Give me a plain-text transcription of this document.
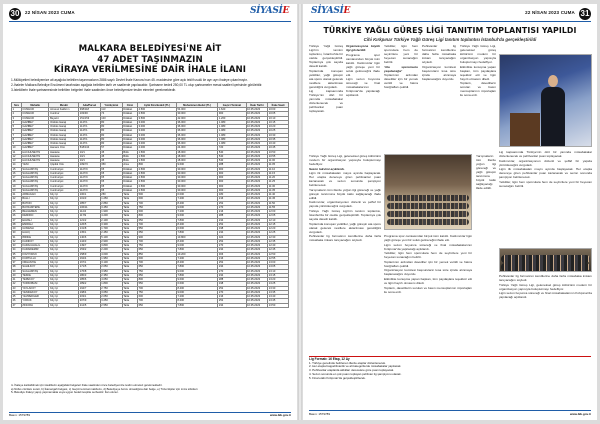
30	22 NİSAN 2023 CUMA	SİYASİE
MALKARA BELEDİYESİ'NE AİT
47 ADET TAŞINMAZIN
KİRAYA VERİLMESİNE DAİR İHALE İLANI

1-Mülkiyetleri belediyemize ait aşağıda belirtilen taşınmazların 2886 sayılı Devlet İhale Kanunu'nun 45. maddesine göre açık teklif usulü ile ayrı ayrı ihaleye çıkarılmıştır.

2-İhaleler Malkara Belediye Encümeni tarafından aşağıda belirtilen tarih ve saatlerde yapılacaktır. Şartname bedeli 250,00 TL olup şartnameler mesai saatleri içerisinde görülebilir.

3-İsteklilerin ihale şartnamesinde belirtilen belgeleri ihale saatinden önce belediyemize teslim etmeleri gerekmektedir.

Sıra	Mahalle	Mevkii	Ada/Parsel	Yüzölçümü	Cinsi	Aylık Kira Bedeli (TL)	Muhammen Bedel (TL)	Geçici Teminat	İhale Tarihi	İhale Saati
1	CUMHUR	Arnavut Kaldırım	368/118	113	Dükkan	4.500	54.000	1.620	10.05.2023	10:00
2	CUMHUR	Cumhur	103/93	74	Dükkan	2.500	30.000	900	10.05.2023	10:05
3	CUMHUR	Beyazıt	151/153	103	Dükkan	3.500	42.000	1.260	10.05.2023	10:10
4	GAZİBEY	Otobüs Garajı	1147/1	80	Dükkan	3.000	36.000	1.080	10.05.2023	10:15
5	GAZİBEY	Otobüs Garajı	1147/1	80	Dükkan	3.000	36.000	1.080	10.05.2023	10:20
6	GAZİBEY	Otobüs Garajı	1147/1	80	Dükkan	3.000	36.000	1.080	10.05.2023	10:25
7	GAZİBEY	Otobüs Garajı	1147/1	80	Dükkan	3.000	36.000	1.080	10.05.2023	10:30
8	GAZİBEY	Otobüs Garajı	1147/1	80	Dükkan	3.000	36.000	1.080	10.05.2023	10:35
9	GAZİBEY	Otobüs Garajı	1147/1	80	Dükkan	3.000	36.000	1.080	10.05.2023	10:40
10	GAZİBEY	Hamam Önü	518/134	57	Dükkan	2.000	24.000	720	10.05.2023	10:45
11	HACIHUSEYİN	Hastane	10/1	45	Büfe	1.500	18.000	540	10.05.2023	10:50
12	HACIHUSEYİN	Hastane	10/1	45	Büfe	1.500	18.000	540	10.05.2023	10:55
13	HACIHUSEYİN	Hastane	10/1	45	Büfe	1.500	18.000	540	10.05.2023	11:00
14	YENİ	Çöplük Yolu	1097/3	350	Arsa	800	9.600	288	10.05.2023	11:05
15	SAĞLAMTAŞ	Cumhuriyet	1127/9	65	Dükkan	2.500	30.000	900	10.05.2023	11:10
16	SAĞLAMTAŞ	Cumhuriyet	1127/9	65	Dükkan	2.500	30.000	900	10.05.2023	11:15
17	SAĞLAMTAŞ	Cumhuriyet	1127/9	65	Dükkan	2.500	30.000	900	10.05.2023	11:20
18	SAĞLAMTAŞ	Cumhuriyet	1127/9	65	Dükkan	2.500	30.000	900	10.05.2023	11:25
19	SAĞLAMTAŞ	Cumhuriyet	1127/9	65	Dükkan	2.500	30.000	900	10.05.2023	11:30
20	SAĞLAMTAŞ	Cumhuriyet	1127/9	65	Dükkan	2.500	30.000	900	10.05.2023	11:35
21	ARMAĞAN	Köy İçi	100/1	250	Tarla	500	6.000	180	10.05.2023	11:40
22	BALLI	Köy İçi	101/3	1.250	Tarla	600	7.200	216	10.05.2023	11:45
23	BATKIN	Köy İçi	185/7	2.860	Tarla	700	8.400	252	10.05.2023	11:50
24	BAYRAMTEPE	Köy İçi	106/11	3.450	Tarla	750	9.000	270	10.05.2023	11:55
25	BELGEMEN	Köy İçi	112/4	1.900	Tarla	600	7.200	216	10.05.2023	12:00
26	DEMİRCİ	Köy İçi	117/9	4.200	Tarla	800	9.600	288	10.05.2023	12:05
27	ELMALI	Köy İçi	121/2	2.100	Tarla	650	7.800	234	10.05.2023	12:10
28	EMİRALİ	Köy İçi	126/5	3.300	Tarla	700	8.400	252	10.05.2023	12:15
29	GÖNENLİ	Köy İçi	131/8	1.700	Tarla	550	6.600	198	10.05.2023	12:20
30	HALIÇ	Köy İçi	135/1	2.450	Tarla	650	7.800	234	10.05.2023	12:25
31	İBRİCE	Köy İçi	140/6	5.100	Tarla	900	10.800	324	10.05.2023	12:30
32	KADIKÖY	Köy İçi	144/3	2.900	Tarla	700	8.400	252	10.05.2023	12:35
33	KARACAHALİL	Köy İçi	149/7	3.800	Tarla	750	9.000	270	10.05.2023	12:40
34	KARAİDEMİR	Köy İçi	153/2	2.200	Tarla	650	7.800	234	10.05.2023	12:45
35	KOZYÖRÜK	Köy İçi	158/9	4.600	Tarla	850	10.200	306	10.05.2023	12:50
36	KÜRTÜLLÜ	Köy İçi	162/4	1.950	Tarla	600	7.200	216	10.05.2023	12:55
37	ORHANİYE	Köy İçi	167/1	3.100	Tarla	700	8.400	252	10.05.2023	13:00
38	SAHİLKÖY	Köy İçi	171/5	2.650	Tarla	650	7.800	234	10.05.2023	13:05
39	SAĞLAMTAŞ	Köy İçi	176/8	3.950	Tarla	750	9.000	270	10.05.2023	13:10
40	TEKKE	Köy İçi	180/3	2.350	Tarla	650	7.800	234	10.05.2023	13:15
41	TEPEKÖY	Köy İçi	185/6	4.050	Tarla	800	9.600	288	10.05.2023	13:20
42	TÜRKOBASI	Köy İçi	189/2	1.800	Tarla	550	6.600	198	10.05.2023	13:25
43	YAYLAKÖY	Köy İçi	194/7	2.750	Tarla	700	8.400	252	10.05.2023	13:30
44	YENİCEKÖY	Köy İçi	198/4	3.650	Tarla	750	9.000	270	10.05.2023	13:35
45	YEVREDİLER	Köy İçi	203/1	2.050	Tarla	600	7.200	216	10.05.2023	13:40
46	YÖRÜK	Köy İçi	207/9	3.250	Tarla	700	8.400	252	10.05.2023	13:45
47	ZİNCİRLİ	Köy İçi	212/5	2.550	Tarla	650	7.800	234	10.05.2023	13:50

4- İhaleye katılabilmek için isteklilerin aşağıdaki belgeleri ihale saatinden önce belediyemize teslim etmeleri gerekmektedir.

a) Nüfus cüzdanı sureti, b) İkametgah belgesi, c) Geçici teminat makbuzu, d) Belediyeye borcu olmadığına dair belge, e) Tüzel kişiler için imza sirküleri.

5- Belediye ihaleyi yapıp yapmamakta veya uygun bedeli tespitte serbesttir. İlan olunur.

Basın: 1579789	www.bik.gov.tr
SİYASİE	22 NİSAN 2023 CUMA 31
TÜRKİYE YAĞLI GÜREŞ LİGİ TANITIM TOPLANTISI YAPILDI
Cihi Kırkpınar Türkiye Yağlı Güreş Ligi tanıtım toplantısı İstanbul'da gerçekleştirildi

Türkiye Yağlı Güreş Ligi'nin tanıtım toplantısı, İstanbul'da bir otelde gerçekleştirildi. Toplantıya çok sayıda davetli katıldı.

Toplantıda konuşan yetkililer, yağlı güreşin ata sporu olarak gelecek nesillere aktarılması gerektiğini vurguladı.

Lig kapsamında Türkiye'nin dört bir yanında müsabakalar düzenlenecek ve pehlivanlar puan toplayacak.

Organizasyona büyük ilgi gösterildi.

Programa spor camiasından birçok isim katıldı. Katılımcılar ligin yağlı güreşe yeni bir soluk getireceğini ifade etti.

Ligin sezon boyunca süreceği ve final müsabakalarının Kırkpınar'da yapılacağı açıklandı.

Yetkililer, ligin hem sporculara hem de seyircilere yeni bir heyecan sunacağını belirtti.

'Ata sporumuzu yaşatacağız'

Toplantının ardından davetliler için bir yemek verildi ve hatıra fotoğrafları çekildi.

Pehlivanlar lig formatının kendilerine daha fazla müsabaka imkanı tanıyacağını söyledi.

Organizasyon komitesi başvuruların kısa süre içinde alınmaya başlanacağını duyurdu.

Türkiye Yağlı Güreş Ligi, geleneksel güreş kültürünü modern bir organizasyon yapısıyla buluşturmayı hedefliyor.

Etkinlikte konuşma yapan başkan, tüm paydaşlara teşekkür etti ve ligin hayırlı olmasını diledi.

Toplantı, davetlilerin soruları ve basın mensuplarının röportajları ile sona erdi.

Türkiye Yağlı Güreş Ligi, geleneksel güreş kültürünü modern bir organizasyon yapısıyla buluşturmayı hedefliyor.

Sezon takvimi açıklandı.

Ligin ilk müsabakaları mayıs ayında başlayacak. Her etapta dereceye giren pehlivanlar puan kazanacak ve sezon sonunda şampiyon belirlenecek.

Yarışmaların tüm illerde yoğun ilgi göreceği ve yağlı güreşin tanıtımına büyük katkı sağlayacağı ifade edildi.

Katılımcılar, organizasyonun düzenli ve şeffaf bir yapıda yürütüleceğini vurguladı.

Türkiye Yağlı Güreş Ligi'nin tanıtım toplantısı, İstanbul'da bir otelde gerçekleştirildi. Toplantıya çok sayıda davetli katıldı.

Toplantıda konuşan yetkililer, yağlı güreşin ata sporu olarak gelecek nesillere aktarılması gerektiğini vurguladı.

Pehlivanlar lig formatının kendilerine daha fazla müsabaka imkanı tanıyacağını söyledi.

Programa spor camiasından birçok isim katıldı. Katılımcılar ligin yağlı güreşe yeni bir soluk getireceğini ifade etti.

Ligin sezon boyunca süreceği ve final müsabakalarının Kırkpınar'da yapılacağı açıklandı.

Yetkililer, ligin hem sporculara hem de seyircilere yeni bir heyecan sunacağını belirtti.

Toplantının ardından davetliler için bir yemek verildi ve hatıra fotoğrafları çekildi.

Organizasyon komitesi başvuruların kısa süre içinde alınmaya başlanacağını duyurdu.

Etkinlikte konuşma yapan başkan, tüm paydaşlara teşekkür etti ve ligin hayırlı olmasını diledi.

Toplantı, davetlilerin soruları ve basın mensuplarının röportajları ile sona erdi.

Yarışmaların tüm illerde yoğun ilgi göreceği ve yağlı güreşin tanıtımına büyük katkı sağlayacağı ifade edildi.

Lig kapsamında Türkiye'nin dört bir yanında müsabakalar düzenlenecek ve pehlivanlar puan toplayacak.

Katılımcılar, organizasyonun düzenli ve şeffaf bir yapıda yürütüleceğini vurguladı.

Ligin ilk müsabakaları mayıs ayında başlayacak. Her etapta dereceye giren pehlivanlar puan kazanacak ve sezon sonunda şampiyon belirlenecek.

Yetkililer, ligin hem sporculara hem de seyircilere yeni bir heyecan sunacağını belirtti.

Pehlivanlar lig formatının kendilerine daha fazla müsabaka imkanı tanıyacağını söyledi.

Türkiye Yağlı Güreş Ligi, geleneksel güreş kültürünü modern bir organizasyon yapısıyla buluşturmayı hedefliyor.

Ligin sezon boyunca süreceği ve final müsabakalarının Kırkpınar'da yapılacağı açıklandı.

Lig Formatı: 16 Etap, 12 Ay
1. Türkiye genelinde belirlenen illerde etaplar düzenlenecek.
2. Her etapta başpehlivanlık ve alt kategorilerde müsabakalar yapılacak.
3. Pehlivanlar etaplarda aldıkları derecelere göre puan toplayacak.
4. Sezon sonunda en çok puanı toplayan pehlivan lig şampiyonu olacak.
5. Final etabı Kırkpınar'da gerçekleştirilecek.
Basın: 1579789	www.bik.gov.tr
